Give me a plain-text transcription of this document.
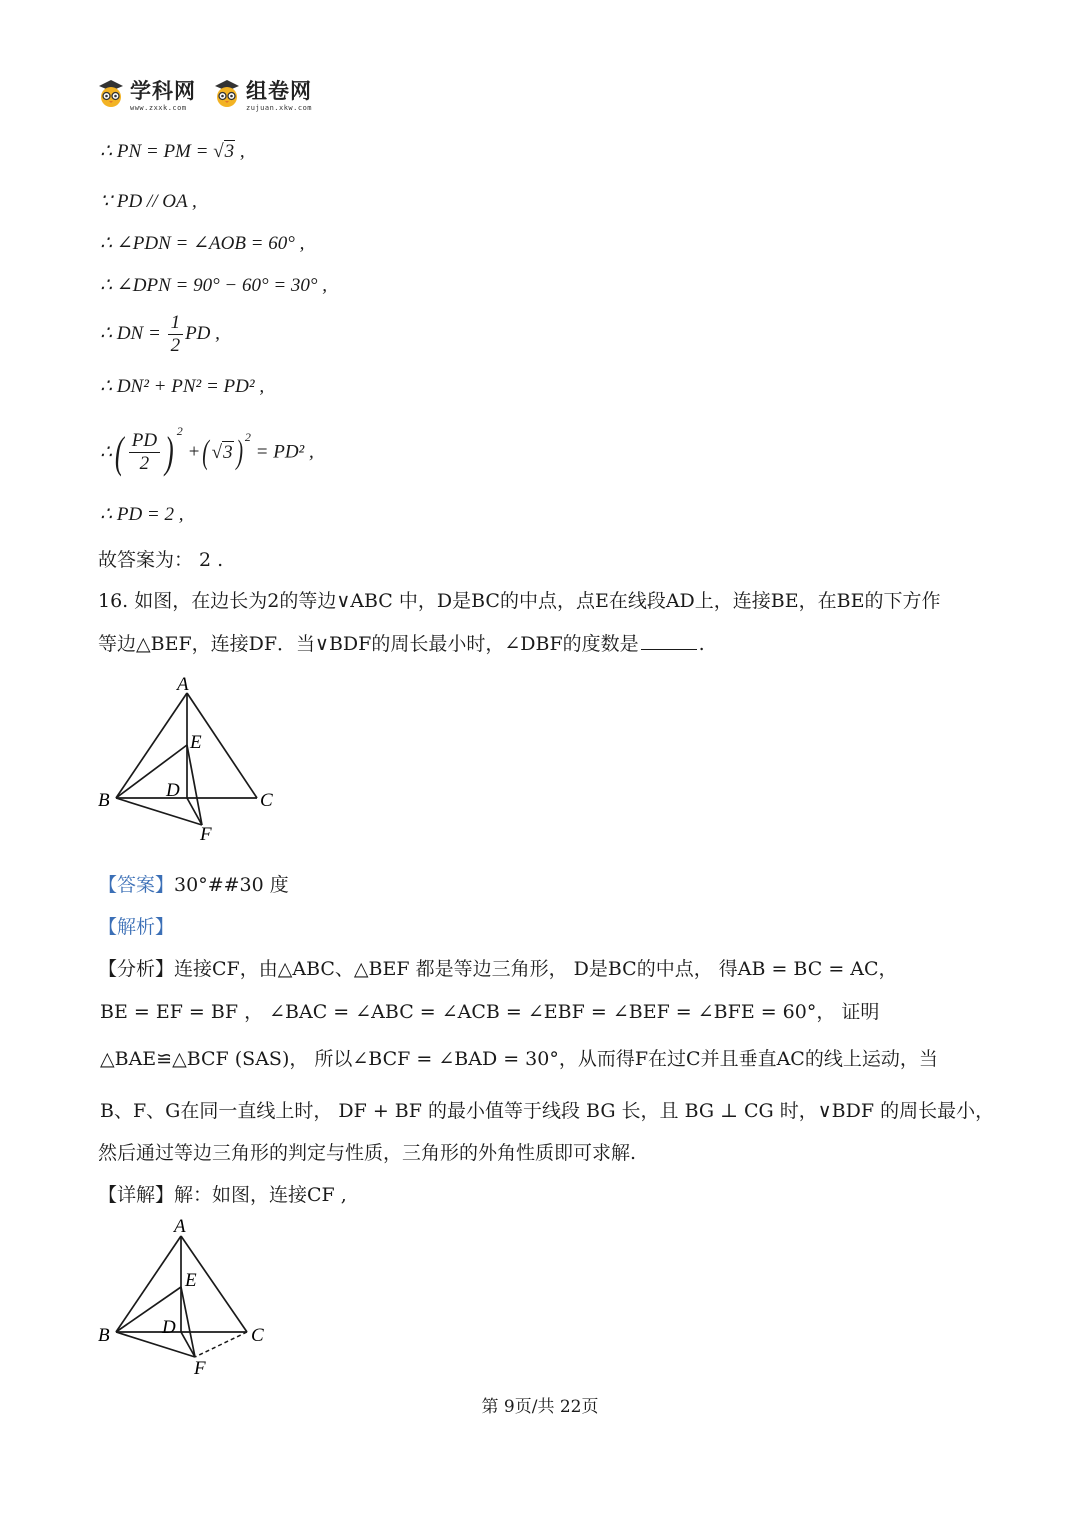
学科网
www.zxxk.com
组卷网
zujuan.xkw.com
∴ PN = PM = √3 ,
∵ PD // OA ,
∴ ∠PDN = ∠AOB = 60° ,
∴ ∠DPN = 90° − 60° = 30° ,
∴ DN = $\frac{1}{2}$ PD ,
∴ DN² + PN² = PD² ,
∴( $\frac{PD}{2}$ ) $^2$ +( √3) $^2$ = PD² ,
∴ PD = 2 ,
故答案为： 2 .
16. 如图，在边长为2的等边∨ABC 中，D是BC的中点，点E在线段AD上，连接BE，在BE的下方作
等边△BEF，连接DF．当∨BDF的周长最小时，∠DBF的度数是	.
A
B	C
D
E
F
【答案】30°##30 度
【解析】
【分析】连接CF，由△ABC、△BEF 都是等边三角形， D是BC的中点， 得AB = BC = AC，
BE = EF = BF ， ∠BAC = ∠ABC = ∠ACB = ∠EBF = ∠BEF = ∠BFE = 60°， 证明
△BAE≌△BCF (SAS)， 所以∠BCF = ∠BAD = 30°，从而得F在过C并且垂直AC的线上运动，当
B、F、G在同一直线上时， DF + BF 的最小值等于线段 BG 长，且 BG ⊥ CG 时，∨BDF 的周长最小，
然后通过等边三角形的判定与性质，三角形的外角性质即可求解.
【详解】解：如图，连接CF ,
A
B	C
D
E
F
第 9页/共 22页
